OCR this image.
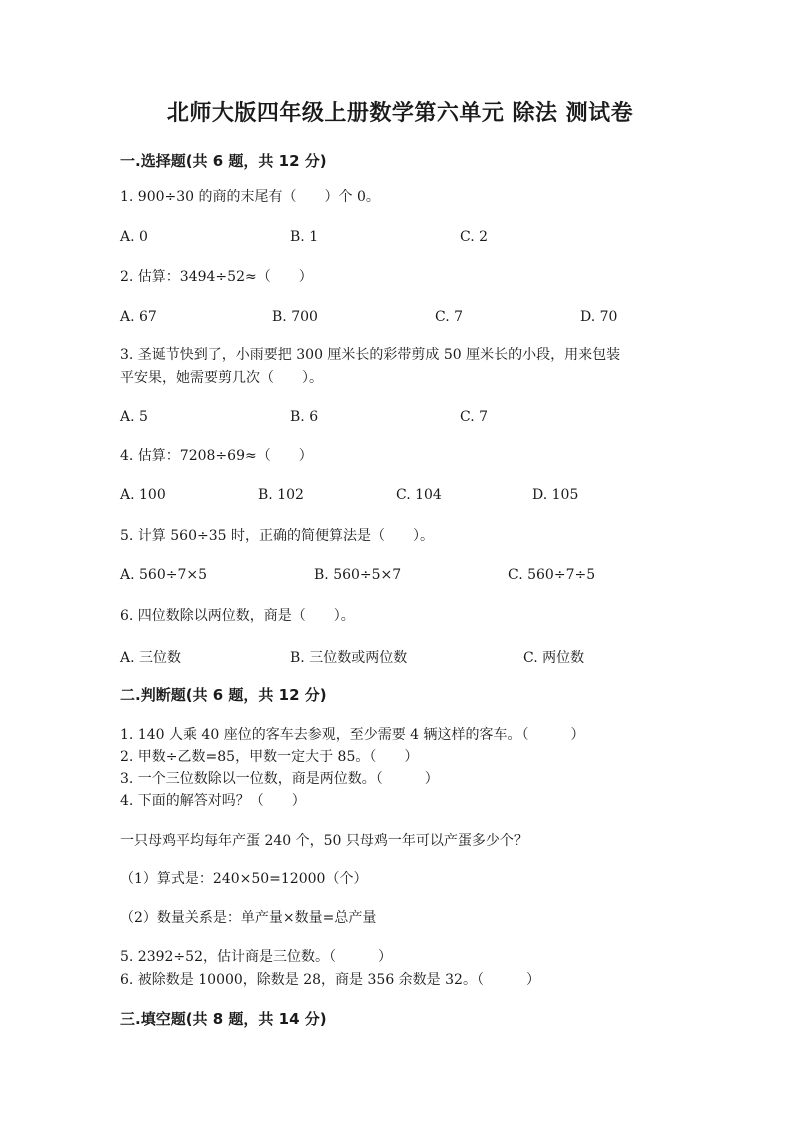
北师大版四年级上册数学第六单元 除法 测试卷
一.选择题(共 6 题，共 12 分)
1. 900÷30 的商的末尾有（　　）个 0。
A. 0	B. 1	C. 2
2. 估算：3494÷52≈（　　）
A. 67	B. 700	C. 7	D. 70
3. 圣诞节快到了，小雨要把 300 厘米长的彩带剪成 50 厘米长的小段，用来包装
平安果，她需要剪几次（　　）。
A. 5	B. 6	C. 7
4. 估算：7208÷69≈（　　）
A. 100	B. 102	C. 104	D. 105
5. 计算 560÷35 时，正确的简便算法是（　　）。
A. 560÷7×5	B. 560÷5×7	C. 560÷7÷5
6. 四位数除以两位数，商是（　　）。
A. 三位数	B. 三位数或两位数	C. 两位数
二.判断题(共 6 题，共 12 分)
1. 140 人乘 40 座位的客车去参观，至少需要 4 辆这样的客车。（　　　）
2. 甲数÷乙数=85，甲数一定大于 85。（　　）
3. 一个三位数除以一位数，商是两位数。（　　　）
4. 下面的解答对吗？（　　）
一只母鸡平均每年产蛋 240 个，50 只母鸡一年可以产蛋多少个？
（1）算式是：240×50=12000（个）
（2）数量关系是：单产量×数量=总产量
5. 2392÷52，估计商是三位数。（　　　）
6. 被除数是 10000，除数是 28，商是 356 余数是 32。（　　　）
三.填空题(共 8 题，共 14 分)
